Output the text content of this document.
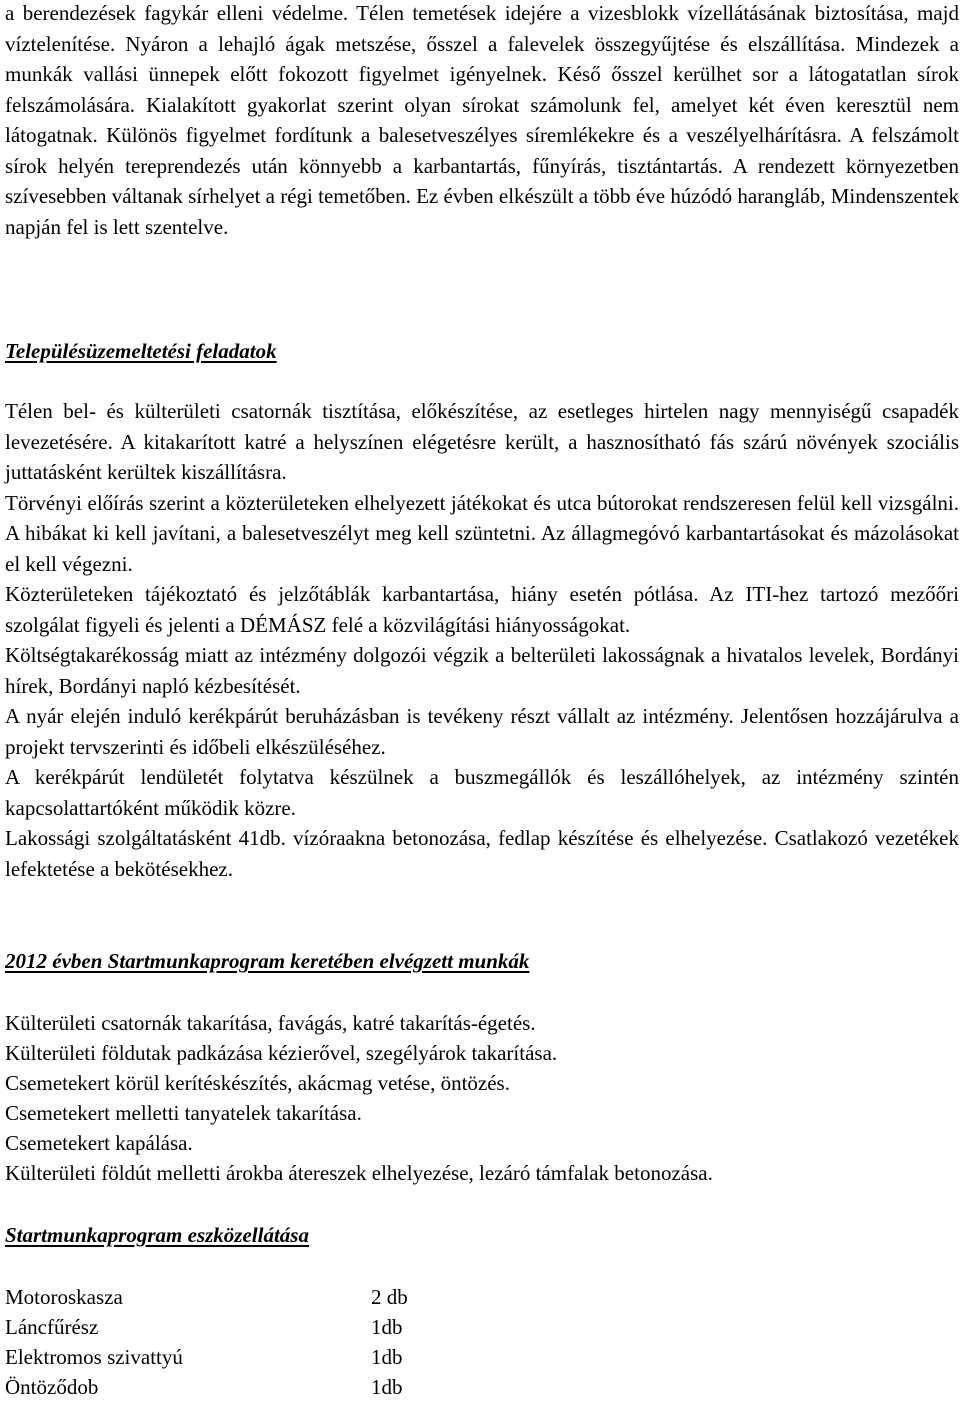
a berendezések fagykár elleni védelme. Télen temetések idejére a vizesblokk vízellátásának biztosítása, majd víztelenítése. Nyáron a lehajló ágak metszése, ősszel a falevelek összegyűjtése és elszállítása. Mindezek a munkák vallási ünnepek előtt fokozott figyelmet igényelnek. Késő ősszel kerülhet sor a látogatatlan sírok felszámolására. Kialakított gyakorlat szerint olyan sírokat számolunk fel, amelyet két éven keresztül nem látogatnak. Különös figyelmet fordítunk a balesetveszélyes síremlékekre és a veszélyelhárításra. A felszámolt sírok helyén tereprendezés után könnyebb a karbantartás, fűnyírás, tisztántartás. A rendezett környezetben szívesebben váltanak sírhelyet a régi temetőben. Ez évben elkészült a több éve húzódó harangláb, Mindenszentek napján fel is lett szentelve.

Településüzemeltetési feladatok

Télen bel- és külterületi csatornák tisztítása, előkészítése, az esetleges hirtelen nagy mennyiségű csapadék levezetésére. A kitakarított katré a helyszínen elégetésre került, a hasznosítható fás szárú növények szociális juttatásként kerültek kiszállításra.

Törvényi előírás szerint a közterületeken elhelyezett játékokat és utca bútorokat rendszeresen felül kell vizsgálni. A hibákat ki kell javítani, a balesetveszélyt meg kell szüntetni. Az állagmegóvó karbantartásokat és mázolásokat el kell végezni.

Közterületeken tájékoztató és jelzőtáblák karbantartása, hiány esetén pótlása. Az ITI-hez tartozó mezőőri szolgálat figyeli és jelenti a DÉMÁSZ felé a közvilágítási hiányosságokat.

Költségtakarékosság miatt az intézmény dolgozói végzik a belterületi lakosságnak a hivatalos levelek, Bordányi hírek, Bordányi napló kézbesítését.

A nyár elején induló kerékpárút beruházásban is tevékeny részt vállalt az intézmény. Jelentősen hozzájárulva a projekt tervszerinti és időbeli elkészüléséhez.

A kerékpárút lendületét folytatva készülnek a buszmegállók és leszállóhelyek, az intézmény szintén kapcsolattartóként működik közre.

Lakossági szolgáltatásként 41db. vízóraakna betonozása, fedlap készítése és elhelyezése. Csatlakozó vezetékek lefektetése a bekötésekhez.

2012 évben Startmunkaprogram keretében elvégzett munkák
Külterületi csatornák takarítása, favágás, katré takarítás-égetés.
Külterületi földutak padkázása kézierővel, szegélyárok takarítása.
Csemetekert körül kerítéskészítés, akácmag vetése, öntözés.
Csemetekert melletti tanyatelek takarítása.
Csemetekert kapálása.
Külterületi földút melletti árokba átereszek elhelyezése, lezáró támfalak betonozása.
Startmunkaprogram eszközellátása
Motoroskasza	2 db
Láncfűrész	1db
Elektromos szivattyú	1db
Öntöződob	1db
